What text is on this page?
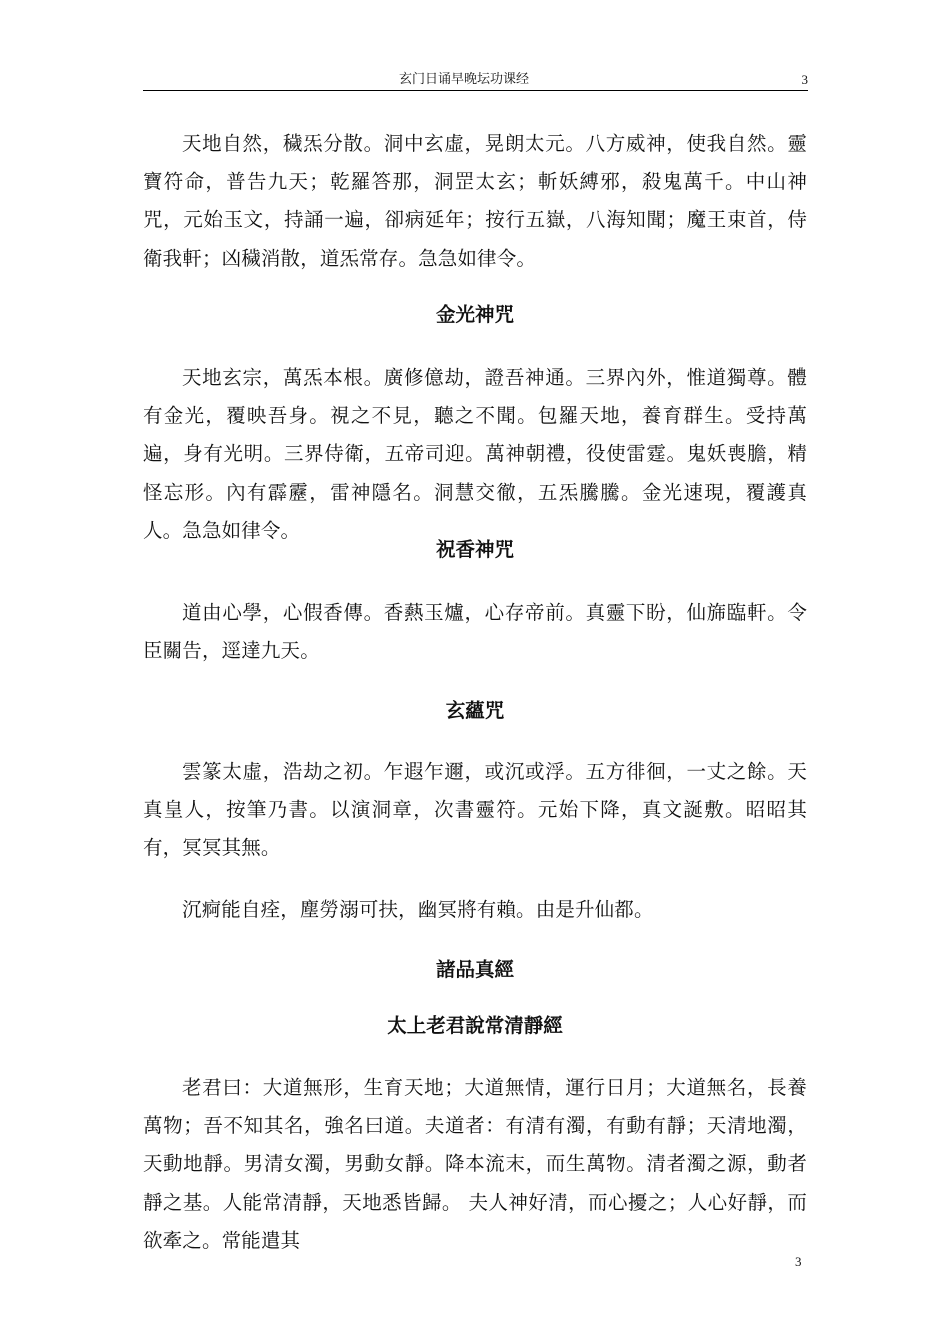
玄门日诵早晚坛功课经	3

天地自然，穢炁分散。洞中玄虛，晃朗太元。八方威神，使我自然。靈寶符命，普告九天；乾羅答那，洞罡太玄；斬妖縛邪，殺鬼萬千。中山神咒，元始玉文，持誦一遍，卻病延年；按行五嶽，八海知聞；魔王束首，侍衛我軒；凶穢消散，道炁常存。急急如律令。

金光神咒

天地玄宗，萬炁本根。廣修億劫，證吾神通。三界內外，惟道獨尊。體有金光，覆映吾身。視之不見，聽之不聞。包羅天地，養育群生。受持萬遍，身有光明。三界侍衛，五帝司迎。萬神朝禮，役使雷霆。鬼妖喪膽，精怪忘形。內有霹靂，雷神隱名。洞慧交徹，五炁騰騰。金光速現，覆護真人。急急如律令。

祝香神咒

道由心學，心假香傳。香爇玉爐，心存帝前。真靈下盼，仙旆臨軒。令臣關告，逕達九天。

玄蘊咒

雲篆太虛，浩劫之初。乍遐乍邇，或沉或浮。五方徘徊，一丈之餘。天真皇人，按筆乃書。以演洞章，次書靈符。元始下降，真文誕敷。昭昭其有，冥冥其無。

沉痾能自痊，塵勞溺可扶，幽冥將有賴。由是升仙都。

諸品真經
太上老君說常清靜經

老君曰：大道無形，生育天地；大道無情，運行日月；大道無名，長養萬物；吾不知其名，強名曰道。夫道者：有清有濁，有動有靜；天清地濁，天動地靜。男清女濁，男動女靜。降本流末，而生萬物。清者濁之源，動者靜之基。人能常清靜，天地悉皆歸。 夫人神好清，而心擾之；人心好靜，而欲牽之。常能遣其

3
